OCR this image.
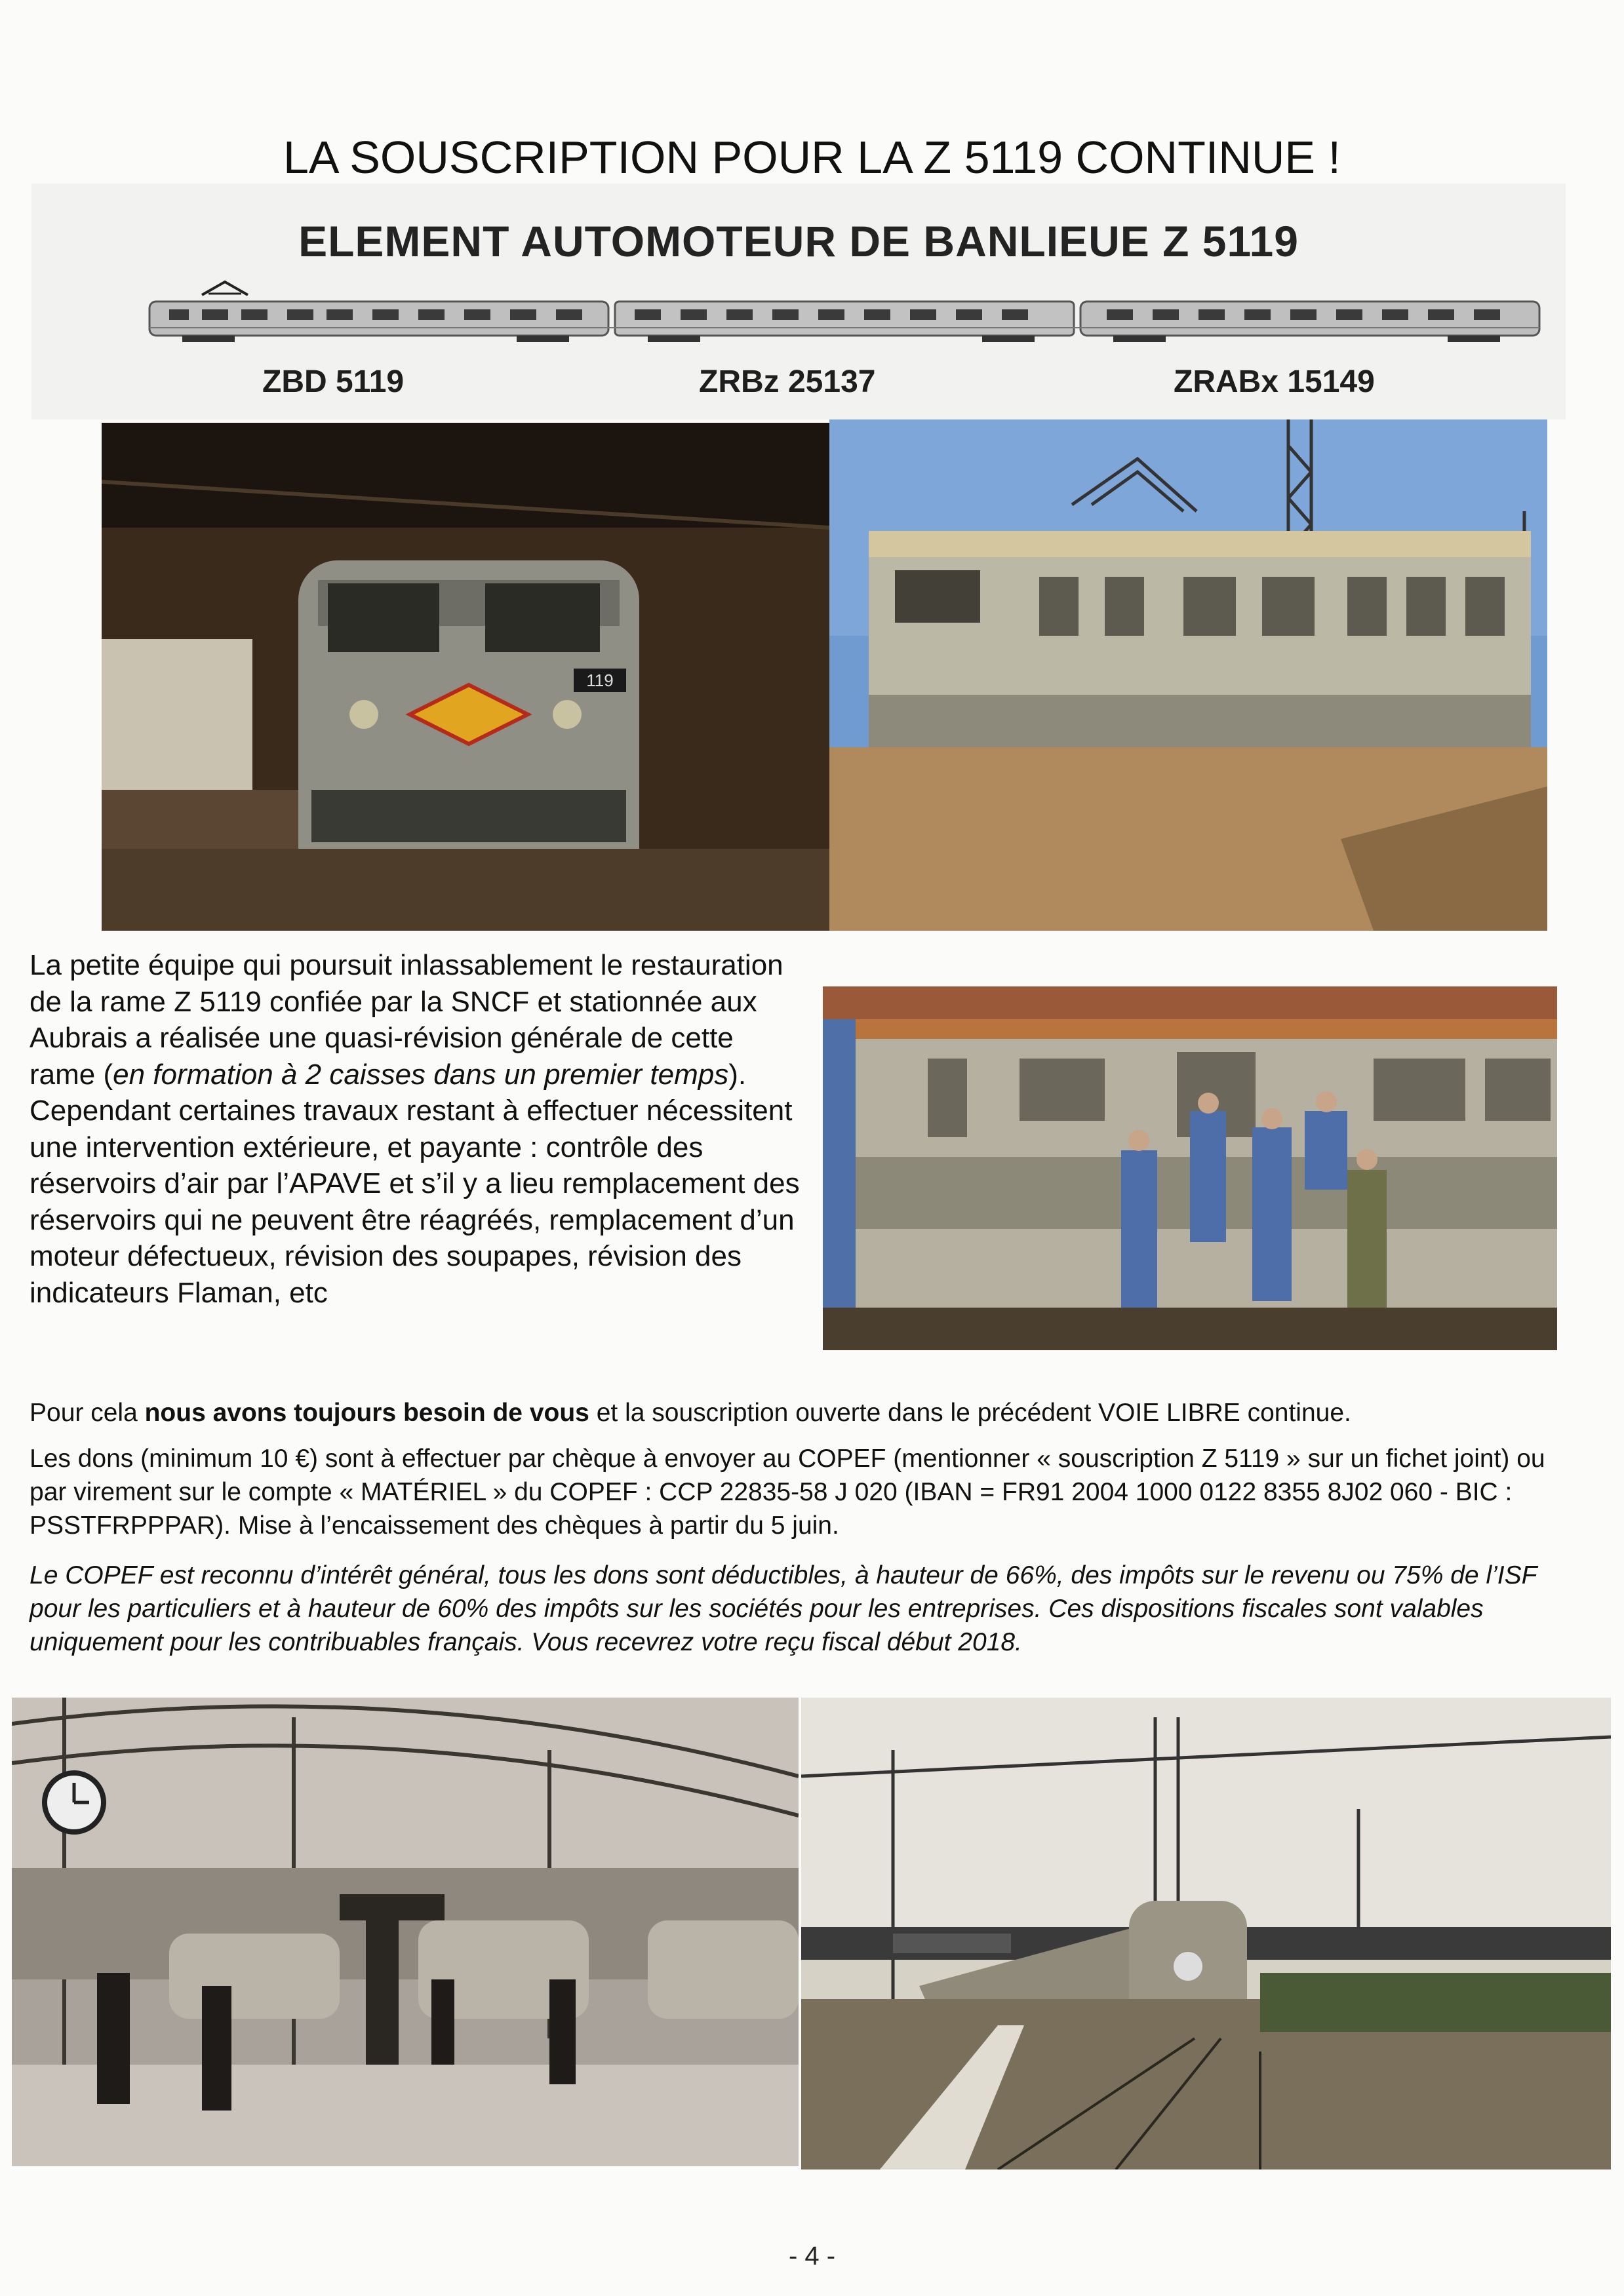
LA SOUSCRIPTION POUR LA Z 5119 CONTINUE !
ELEMENT AUTOMOTEUR DE BANLIEUE Z 5119
ZBD 5119	ZRBz 25137	ZRABx 15149
119
La petite équipe qui poursuit inlassablement le restauration de la rame Z 5119 confiée par la SNCF et stationnée aux Aubrais a réalisée une quasi-révision générale de cette rame (en formation à 2 caisses dans un premier temps). Cependant certaines travaux restant à effectuer nécessitent une intervention extérieure, et payante : contrôle des réservoirs d’air par l’APAVE et s’il y a lieu remplacement des réservoirs qui ne peuvent être réagréés, remplacement d’un moteur défectueux, révision des soupapes, révision des indicateurs Flaman, etc
Pour cela nous avons toujours besoin de vous et la souscription ouverte dans le précédent VOIE LIBRE continue.
Les dons (minimum 10 €) sont à effectuer par chèque à envoyer au COPEF (mentionner « souscription Z 5119 » sur un fichet joint) ou par virement sur le compte « MATÉRIEL » du COPEF : CCP 22835-58 J 020 (IBAN = FR91 2004 1000 0122 8355 8J02 060 - BIC : PSSTFRPPPAR). Mise à l’encaissement des chèques à partir du 5 juin.
Le COPEF est reconnu d’intérêt général, tous les dons sont déductibles, à hauteur de 66%, des impôts sur le revenu ou 75% de l’ISF pour les particuliers et à hauteur de 60% des impôts sur les sociétés pour les entreprises. Ces dispositions fiscales sont valables uniquement pour les contribuables français. Vous recevrez votre reçu fiscal début 2018.
- 4 -
